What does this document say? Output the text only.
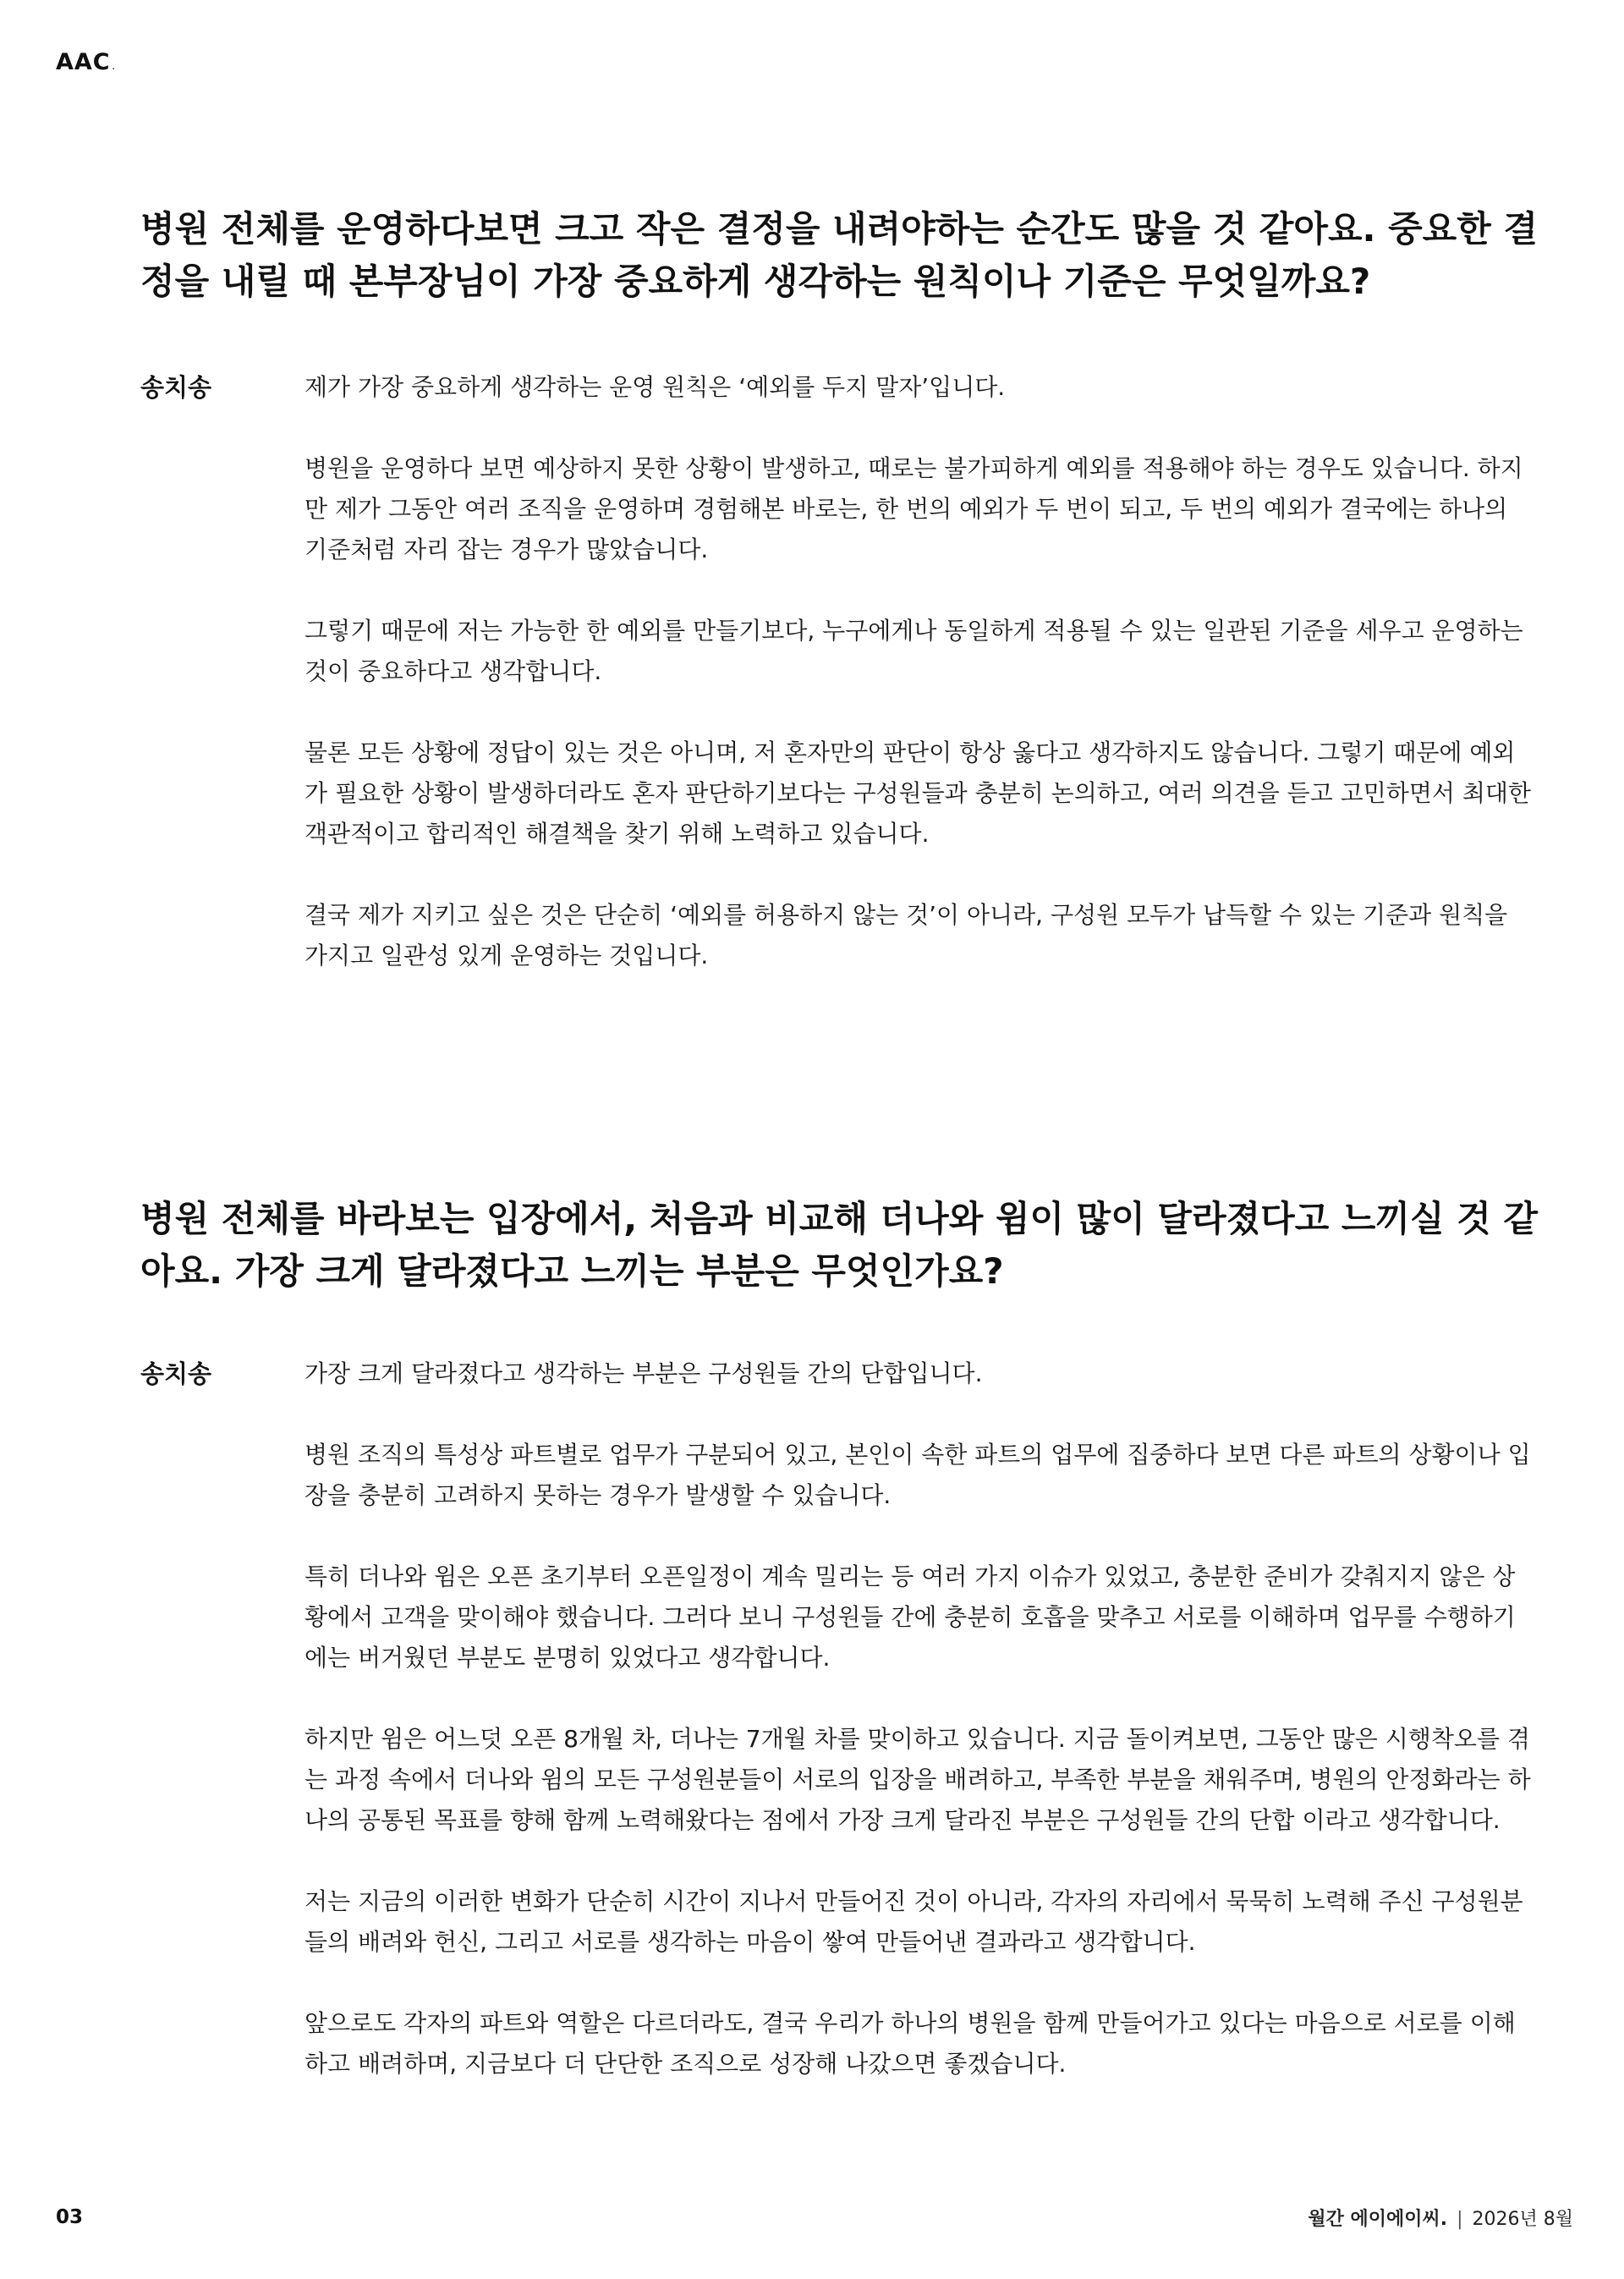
AAC .
병원 전체를 운영하다보면 크고 작은 결정을 내려야하는 순간도 많을 것 같아요. 중요한 결정을 내릴 때 본부장님이 가장 중요하게 생각하는 원칙이나 기준은 무엇일까요?
송치송	제가 가장 중요하게 생각하는 운영 원칙은 ‘예외를 두지 말자’입니다.

병원을 운영하다 보면 예상하지 못한 상황이 발생하고, 때로는 불가피하게 예외를 적용해야 하는 경우도 있습니다. 하지만 제가 그동안 여러 조직을 운영하며 경험해본 바로는, 한 번의 예외가 두 번이 되고, 두 번의 예외가 결국에는 하나의 기준처럼 자리 잡는 경우가 많았습니다.

그렇기 때문에 저는 가능한 한 예외를 만들기보다, 누구에게나 동일하게 적용될 수 있는 일관된 기준을 세우고 운영하는 것이 중요하다고 생각합니다.

물론 모든 상황에 정답이 있는 것은 아니며, 저 혼자만의 판단이 항상 옳다고 생각하지도 않습니다. 그렇기 때문에 예외가 필요한 상황이 발생하더라도 혼자 판단하기보다는 구성원들과 충분히 논의하고, 여러 의견을 듣고 고민하면서 최대한 객관적이고 합리적인 해결책을 찾기 위해 노력하고 있습니다.

결국 제가 지키고 싶은 것은 단순히 ‘예외를 허용하지 않는 것’이 아니라, 구성원 모두가 납득할 수 있는 기준과 원칙을 가지고 일관성 있게 운영하는 것입니다.

병원 전체를 바라보는 입장에서, 처음과 비교해 더나와 윔이 많이 달라졌다고 느끼실 것 같아요. 가장 크게 달라졌다고 느끼는 부분은 무엇인가요?
송치송	가장 크게 달라졌다고 생각하는 부분은 구성원들 간의 단합입니다.

병원 조직의 특성상 파트별로 업무가 구분되어 있고, 본인이 속한 파트의 업무에 집중하다 보면 다른 파트의 상황이나 입장을 충분히 고려하지 못하는 경우가 발생할 수 있습니다.

특히 더나와 윔은 오픈 초기부터 오픈일정이 계속 밀리는 등 여러 가지 이슈가 있었고, 충분한 준비가 갖춰지지 않은 상황에서 고객을 맞이해야 했습니다. 그러다 보니 구성원들 간에 충분히 호흡을 맞추고 서로를 이해하며 업무를 수행하기에는 버거웠던 부분도 분명히 있었다고 생각합니다.

하지만 윔은 어느덧 오픈 8개월 차, 더나는 7개월 차를 맞이하고 있습니다. 지금 돌이켜보면, 그동안 많은 시행착오를 겪는 과정 속에서 더나와 윔의 모든 구성원분들이 서로의 입장을 배려하고, 부족한 부분을 채워주며, 병원의 안정화라는 하나의 공통된 목표를 향해 함께 노력해왔다는 점에서 가장 크게 달라진 부분은 구성원들 간의 단합 이라고 생각합니다.

저는 지금의 이러한 변화가 단순히 시간이 지나서 만들어진 것이 아니라, 각자의 자리에서 묵묵히 노력해 주신 구성원분들의 배려와 헌신, 그리고 서로를 생각하는 마음이 쌓여 만들어낸 결과라고 생각합니다.

앞으로도 각자의 파트와 역할은 다르더라도, 결국 우리가 하나의 병원을 함께 만들어가고 있다는 마음으로 서로를 이해하고 배려하며, 지금보다 더 단단한 조직으로 성장해 나갔으면 좋겠습니다.

03	월간 에이에이씨. | 2026년 8월
